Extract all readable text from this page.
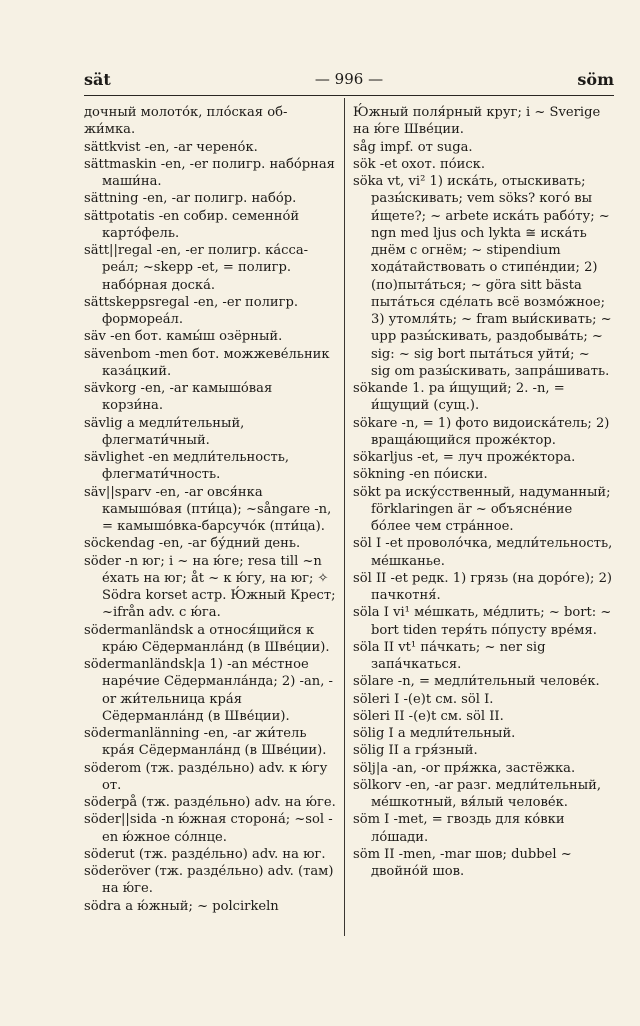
sät	— 996 —	söm

дочный молото́к, пло́ская об-жи́мка.

sättkvist -en, -ar черено́к.

sättmaskin -en, -er полигр. набо́рная маши́на.

sättning -en, -ar полигр. набо́р.

sättpotatis -en собир. семенно́й карто́фель.

sätt||regal -en, -er полигр. ка́сса-реа́л; ~skepp -et, = полигр. набо́рная доска́.

sättskeppsregal -en, -er полигр. формореа́л.

säv -en бот. камы́ш озёрный.

sävenbom -men бот. можжеве́льник каза́цкий.

sävkorg -en, -ar камышо́вая корзи́на.

sävlig a медли́тельный, флегмати́чный.

sävlighet -en медли́тельность, флегмати́чность.

säv||sparv -en, -ar овся́нка камышо́вая (пти́ца); ~sångare -n, = камышо́вка-барсучо́к (пти́ца).

söckendag -en, -ar бу́дний день.

söder -n юг; i ~ на ю́ге; resa till ~n е́хать на юг; åt ~ к ю́гу, на юг; ✧ Södra korset астр. Ю́жный Крест; ~ifrån adv. с ю́га.

södermanländsk a относя́щийся к кра́ю Сёдерманла́нд (в Шве́ции).

södermanländsk|a 1) -an ме́стное наре́чие Сёдерманла́нда; 2) -an, -or жи́тельница кра́я Сёдерманла́нд (в Шве́ции).

södermanlänning -en, -ar жи́тель кра́я Сёдерманла́нд (в Шве́ции).

söderom (тж. разде́льно) adv. к ю́гу от.

söderpå (тж. разде́льно) adv. на ю́ге.

söder||sida -n ю́жная сторона́; ~sol -en ю́жное со́лнце.

söderut (тж. разде́льно) adv. на юг.

söderöver (тж. разде́льно) adv. (там) на ю́ге.

södra a ю́жный; ~ polcirkeln

Ю́жный поля́рный круг; i ~ Sverige на ю́ге Шве́ции.

såg impf. от suga.

sök -et охот. по́иск.

söka vt, vi² 1) иска́ть, отыскивать; разы́скивать; vem söks? кого́ вы и́щете?; ~ arbete иска́ть рабо́ту; ~ ngn med ljus och lykta ≅ иска́ть днём с огнём; ~ stipendium хода́тайствовать о стипе́ндии; 2) (по)пыта́ться; ~ göra sitt bästa пыта́ться сде́лать всё возмо́жное; 3) утомля́ть; ~ fram выи́скивать; ~ upp разы́скивать, раздобыва́ть; ~ sig: ~ sig bort пыта́ться уйти́; ~ sig om разы́скивать, запра́шивать.

sökande 1. pa и́щущий; 2. -n, = и́щущий (сущ.).

sökare -n, = 1) фото видоиска́тель; 2) враща́ющийся проже́ктор.

sökarljus -et, = луч проже́ктора.

sökning -en по́иски.

sökt pa иску́сственный, надуманный; förklaringen är ~ объясне́ние бо́лее чем стра́нное.

söl I -et проволо́чка, медли́тельность, ме́шканье.

söl II -et редк. 1) грязь (на доро́ге); 2) пачкотня́.

söla I vi¹ ме́шкать, ме́длить; ~ bort: ~ bort tiden теря́ть по́пусту вре́мя.

söla II vt¹ па́чкать; ~ ner sig запа́чкаться.

sölare -n, = медли́тельный челове́к.

söleri I -(e)t см. söl I.

söleri II -(e)t см. söl II.

sölig I a медли́тельный.

sölig II a гря́зный.

sölj|a -an, -or пря́жка, застёжка.

sölkorv -en, -ar разг. медли́тельный, ме́шкотный, вя́лый челове́к.

söm I -met, = гвоздь для ко́вки ло́шади.

söm II -men, -mar шов; dubbel ~ двойно́й шов.
